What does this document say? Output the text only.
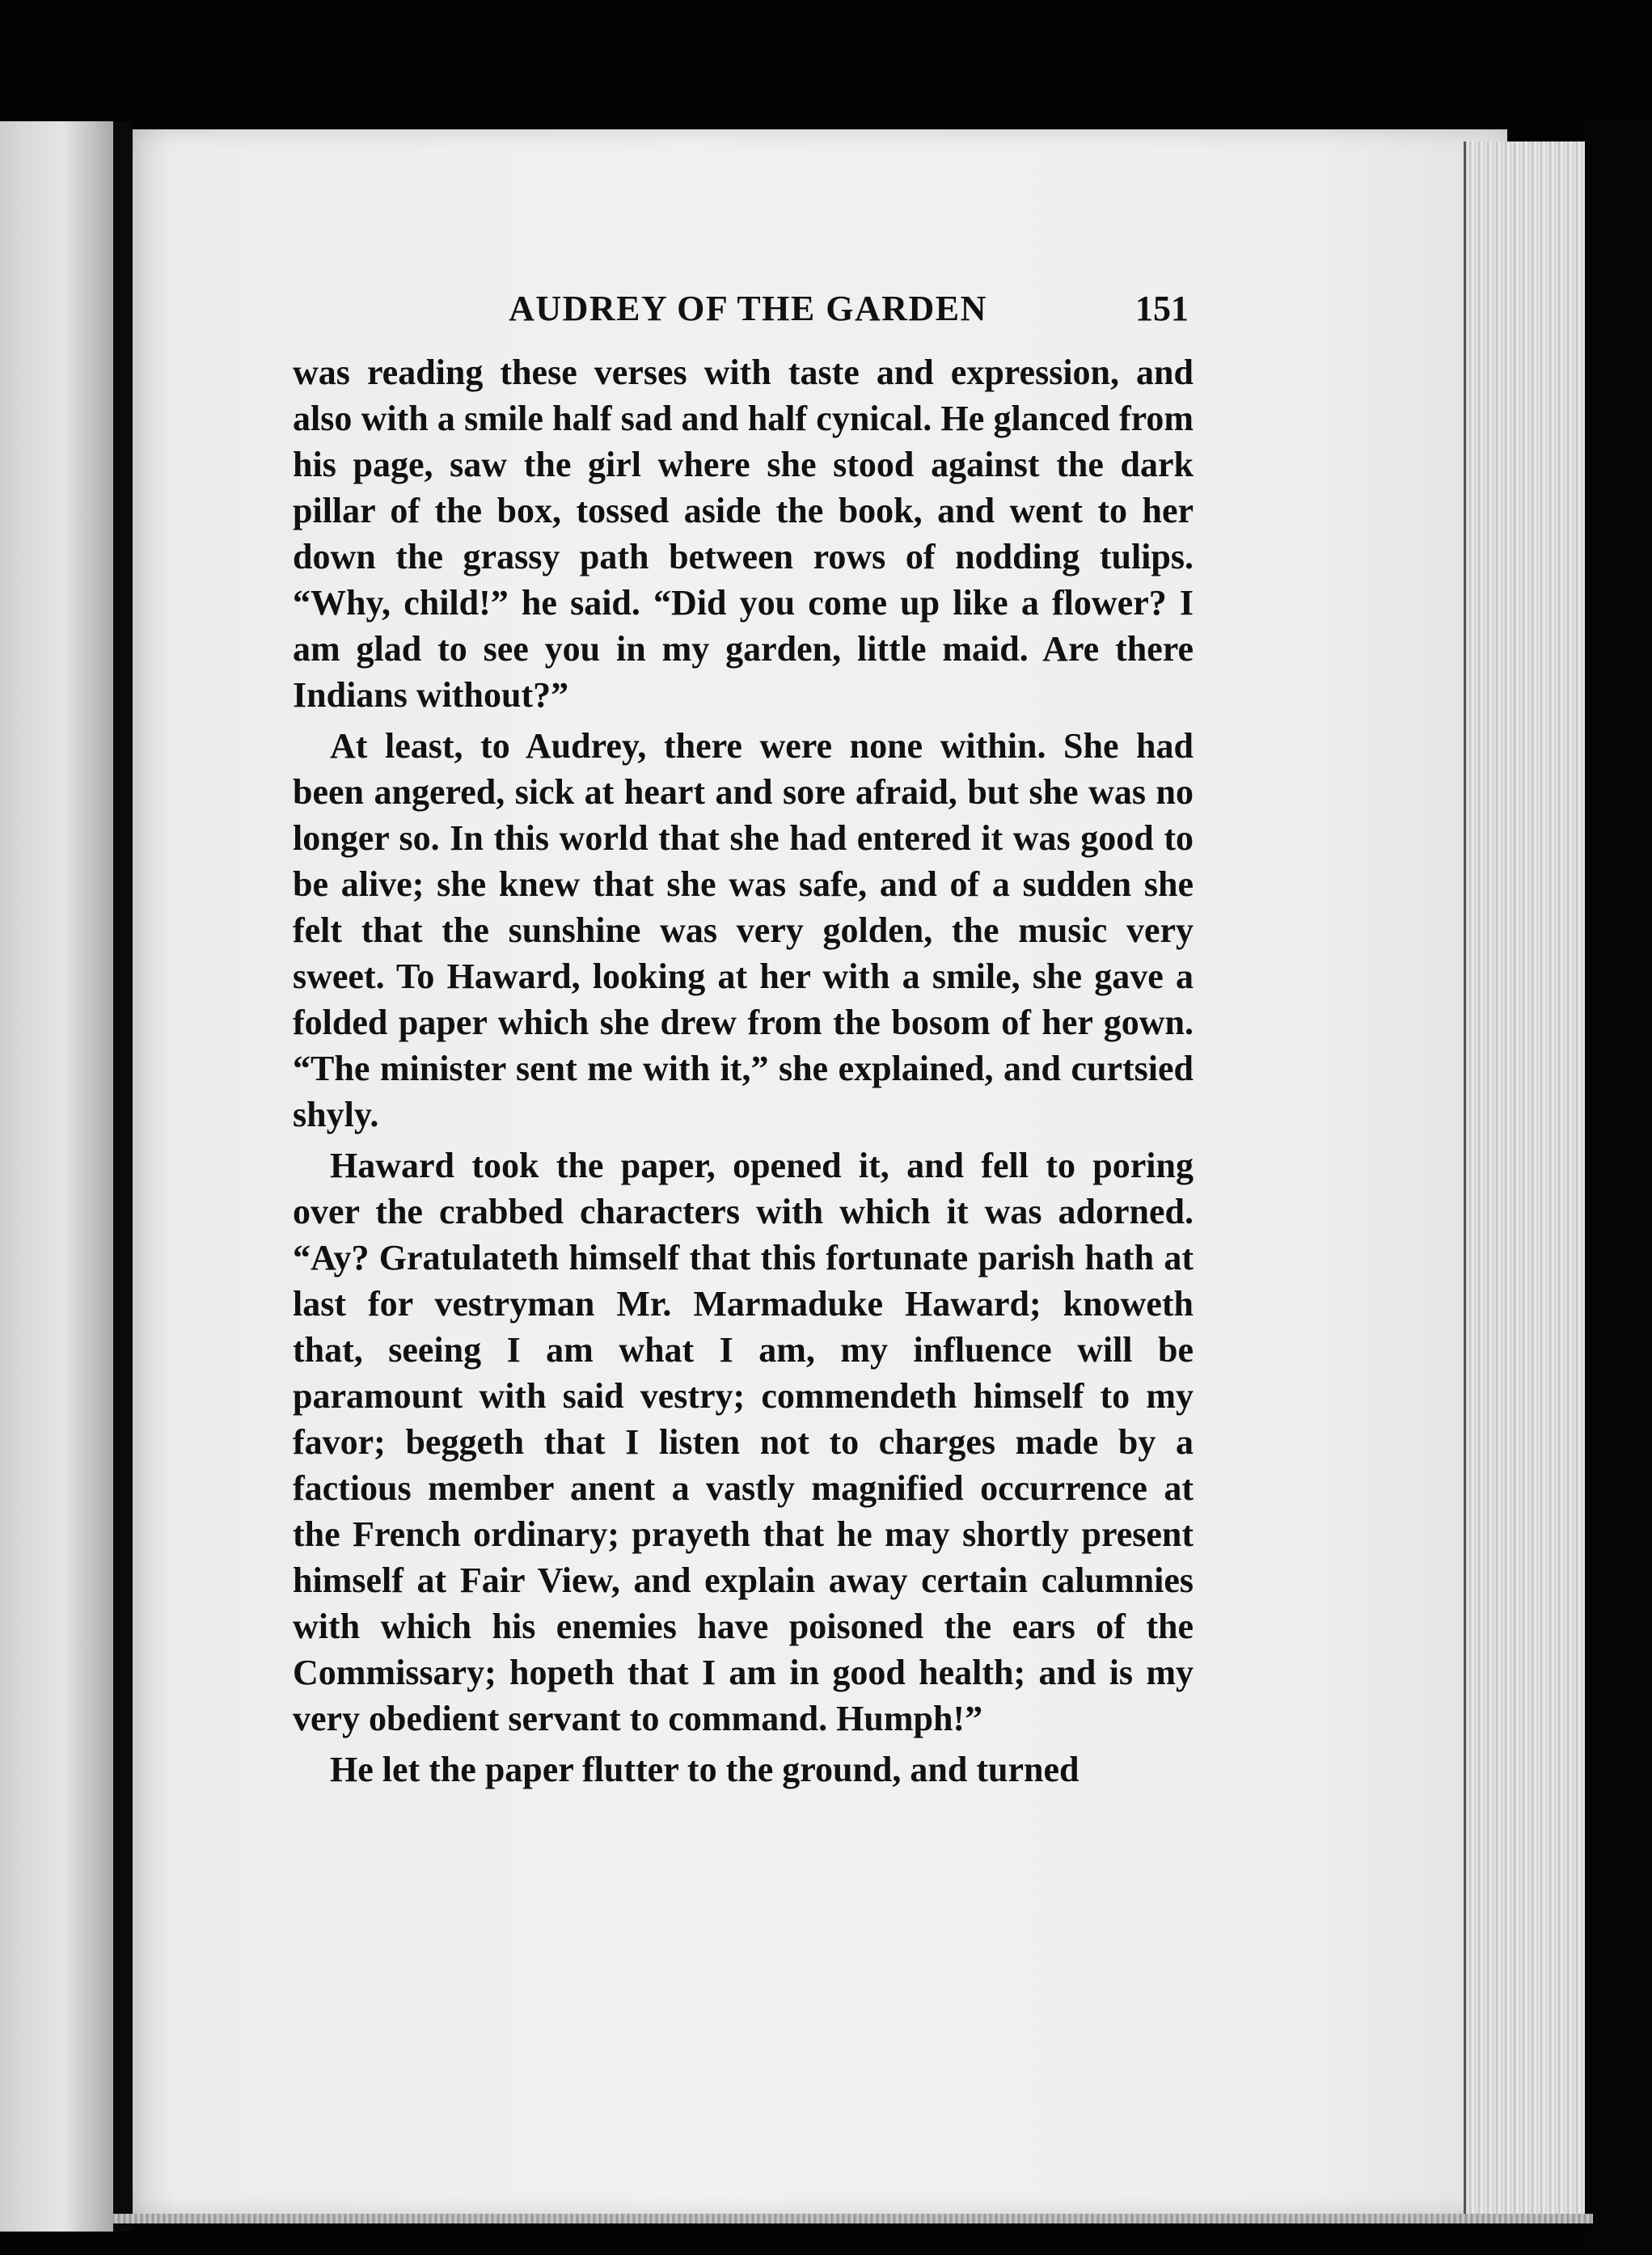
AUDREY OF THE GARDEN	151

was reading these verses with taste and expression, and also with a smile half sad and half cynical. He glanced from his page, saw the girl where she stood against the dark pillar of the box, tossed aside the book, and went to her down the grassy path between rows of nodding tulips. “Why, child!” he said. “Did you come up like a flower? I am glad to see you in my garden, little maid. Are there Indians without?”

At least, to Audrey, there were none within. She had been angered, sick at heart and sore afraid, but she was no longer so. In this world that she had entered it was good to be alive; she knew that she was safe, and of a sudden she felt that the sunshine was very golden, the music very sweet. To Haward, looking at her with a smile, she gave a folded paper which she drew from the bosom of her gown. “The minister sent me with it,” she explained, and curtsied shyly.

Haward took the paper, opened it, and fell to poring over the crabbed characters with which it was adorned. “Ay? Gratulateth himself that this fortunate parish hath at last for vestryman Mr. Marmaduke Haward; knoweth that, seeing I am what I am, my influence will be paramount with said vestry; commendeth himself to my favor; beggeth that I listen not to charges made by a factious member anent a vastly magnified occurrence at the French ordinary; prayeth that he may shortly present himself at Fair View, and explain away certain calumnies with which his enemies have poisoned the ears of the Commissary; hopeth that I am in good health; and is my very obedient servant to command. Humph!”

He let the paper flutter to the ground, and turned
